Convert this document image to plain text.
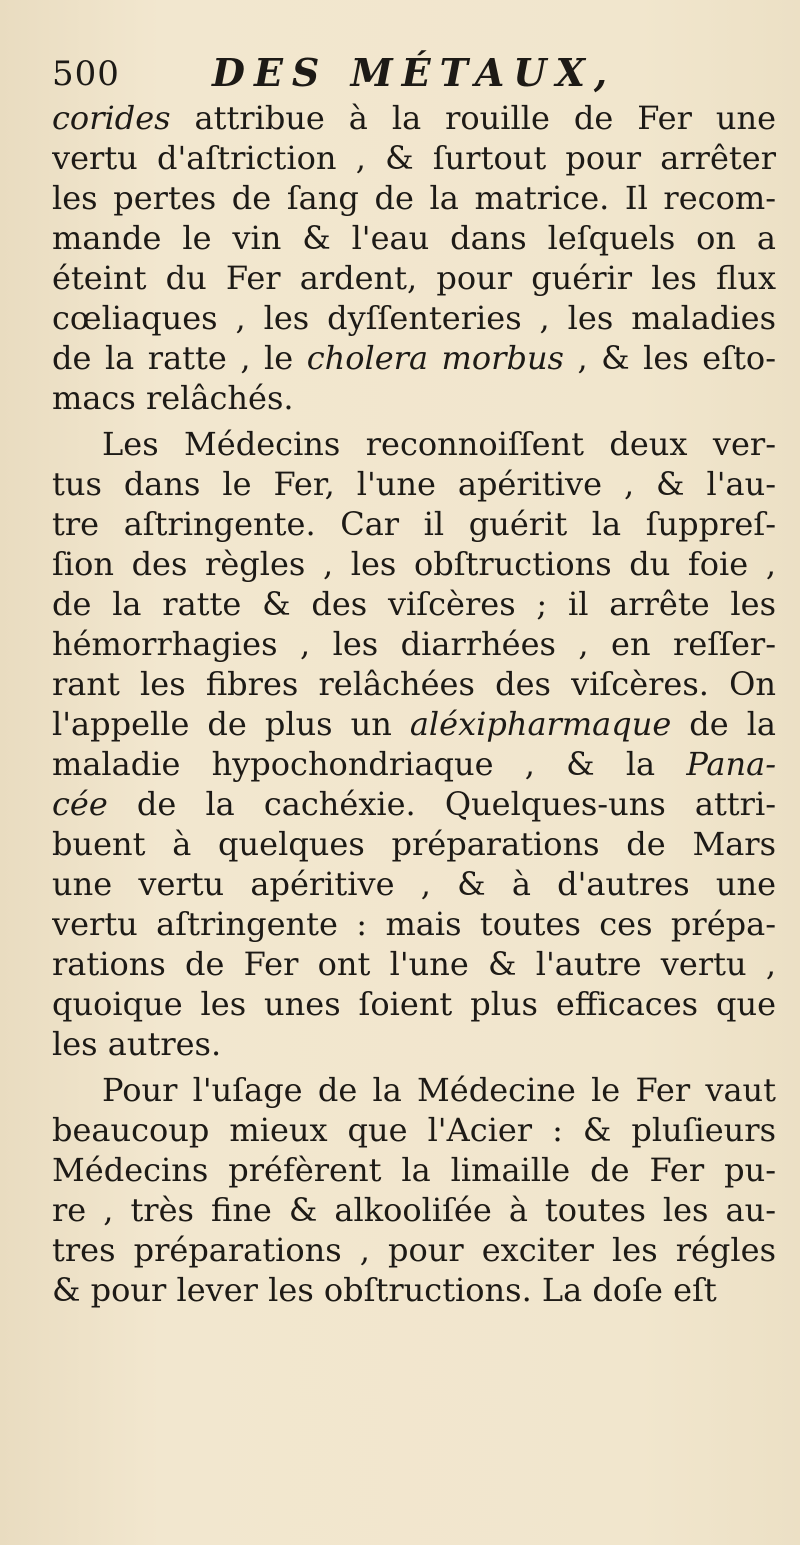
500 DES MÉTAUX,
corides attribue à la rouille de Fer une
vertu d'aſtriction , & ſurtout pour arrêter
les pertes de ſang de la matrice. Il recom-
mande le vin & l'eau dans leſquels on a
éteint du Fer ardent, pour guérir les flux
cœliaques , les dyſſenteries , les maladies
de la ratte , le cholera morbus , & les eſto-
macs relâchés.
Les Médecins reconnoiſſent deux ver-
tus dans le Fer, l'une apéritive , & l'au-
tre aſtringente. Car il guérit la ſuppreſ-
ſion des règles , les obſtructions du foie ,
de la ratte & des viſcères ; il arrête les
hémorrhagies , les diarrhées , en reſſer-
rant les fibres relâchées des viſcères. On
l'appelle de plus un aléxipharmaque de la
maladie hypochondriaque , & la Pana-
cée de la cachéxie. Quelques-uns attri-
buent à quelques préparations de Mars
une vertu apéritive , & à d'autres une
vertu aſtringente : mais toutes ces prépa-
rations de Fer ont l'une & l'autre vertu ,
quoique les unes ſoient plus efficaces que
les autres.
Pour l'uſage de la Médecine le Fer vaut
beaucoup mieux que l'Acier : & pluſieurs
Médecins préfèrent la limaille de Fer pu-
re , très fine & alkooliſée à toutes les au-
tres préparations , pour exciter les régles
& pour lever les obſtructions. La doſe eſt
